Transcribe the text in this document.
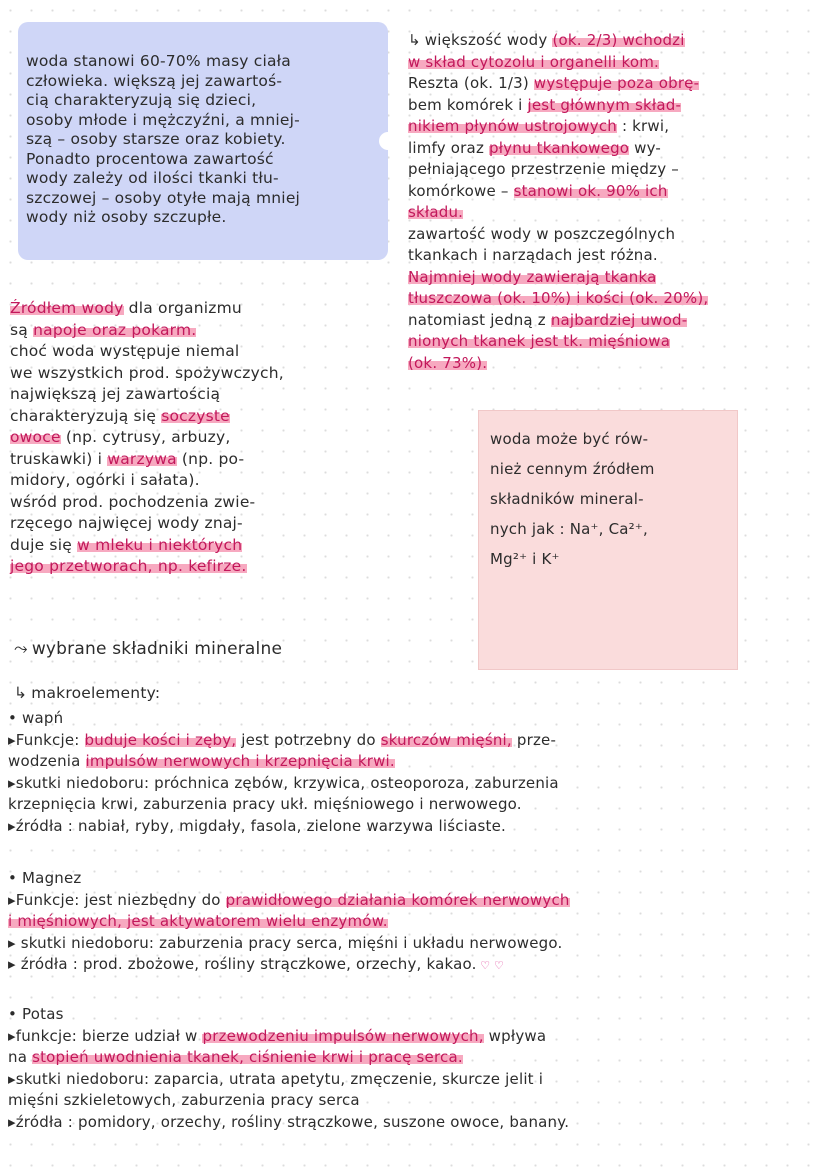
woda stanowi 60-70% masy ciała
człowieka. większą jej zawartoś-
cią charakteryzują się dzieci,
osoby młode i mężczyźni, a mniej-
szą – osoby starsze oraz kobiety.
Ponadto procentowa zawartość
wody zależy od ilości tkanki tłu-
szczowej – osoby otyłe mają mniej
wody niż osoby szczupłe.
↳ większość wody (ok. 2/3) wchodzi
w skład cytozolu i organelli kom.
Reszta (ok. 1/3) występuje poza obrę-
bem komórek i jest głównym skład-
nikiem płynów ustrojowych : krwi,
limfy oraz płynu tkankowego wy-
pełniającego przestrzenie między –
komórkowe – stanowi ok. 90% ich
składu.
zawartość wody w poszczególnych
tkankach i narządach jest różna.
Najmniej wody zawierają tkanka
tłuszczowa (ok. 10%) i kości (ok. 20%),
natomiast jedną z najbardziej uwod-
nionych tkanek jest tk. mięśniowa
(ok. 73%).
Źródłem wody dla organizmu
są napoje oraz pokarm.
choć woda występuje niemal
we wszystkich prod. spożywczych,
największą jej zawartością
charakteryzują się soczyste
owoce (np. cytrusy, arbuzy,
truskawki) i warzywa (np. po-
midory, ogórki i sałata).
wśród prod. pochodzenia zwie-
rzęcego najwięcej wody znaj-
duje się w mleku i niektórych
jego przetworach, np. kefirze.
woda może być rów-
nież cennym źródłem
składników mineral-
nych jak : Na⁺, Ca²⁺,
Mg²⁺ i K⁺
⤳ wybrane składniki mineralne
↳ makroelementy:
• wapń
▸Funkcje: buduje kości i zęby, jest potrzebny do skurczów mięśni, prze-
wodzenia impulsów nerwowych i krzepnięcia krwi.
▸skutki niedoboru: próchnica zębów, krzywica, osteoporoza, zaburzenia
krzepnięcia krwi, zaburzenia pracy ukł. mięśniowego i nerwowego.
▸źródła : nabiał, ryby, migdały, fasola, zielone warzywa liściaste.
• Magnez
▸Funkcje: jest niezbędny do prawidłowego działania komórek nerwowych
i mięśniowych, jest aktywatorem wielu enzymów.
▸ skutki niedoboru: zaburzenia pracy serca, mięśni i układu nerwowego.
▸ źródła : prod. zbożowe, rośliny strączkowe, orzechy, kakao. ♡ ♡
• Potas
▸funkcje: bierze udział w przewodzeniu impulsów nerwowych, wpływa
na stopień uwodnienia tkanek, ciśnienie krwi i pracę serca.
▸skutki niedoboru: zaparcia, utrata apetytu, zmęczenie, skurcze jelit i
mięśni szkieletowych, zaburzenia pracy serca
▸źródła : pomidory, orzechy, rośliny strączkowe, suszone owoce, banany.
